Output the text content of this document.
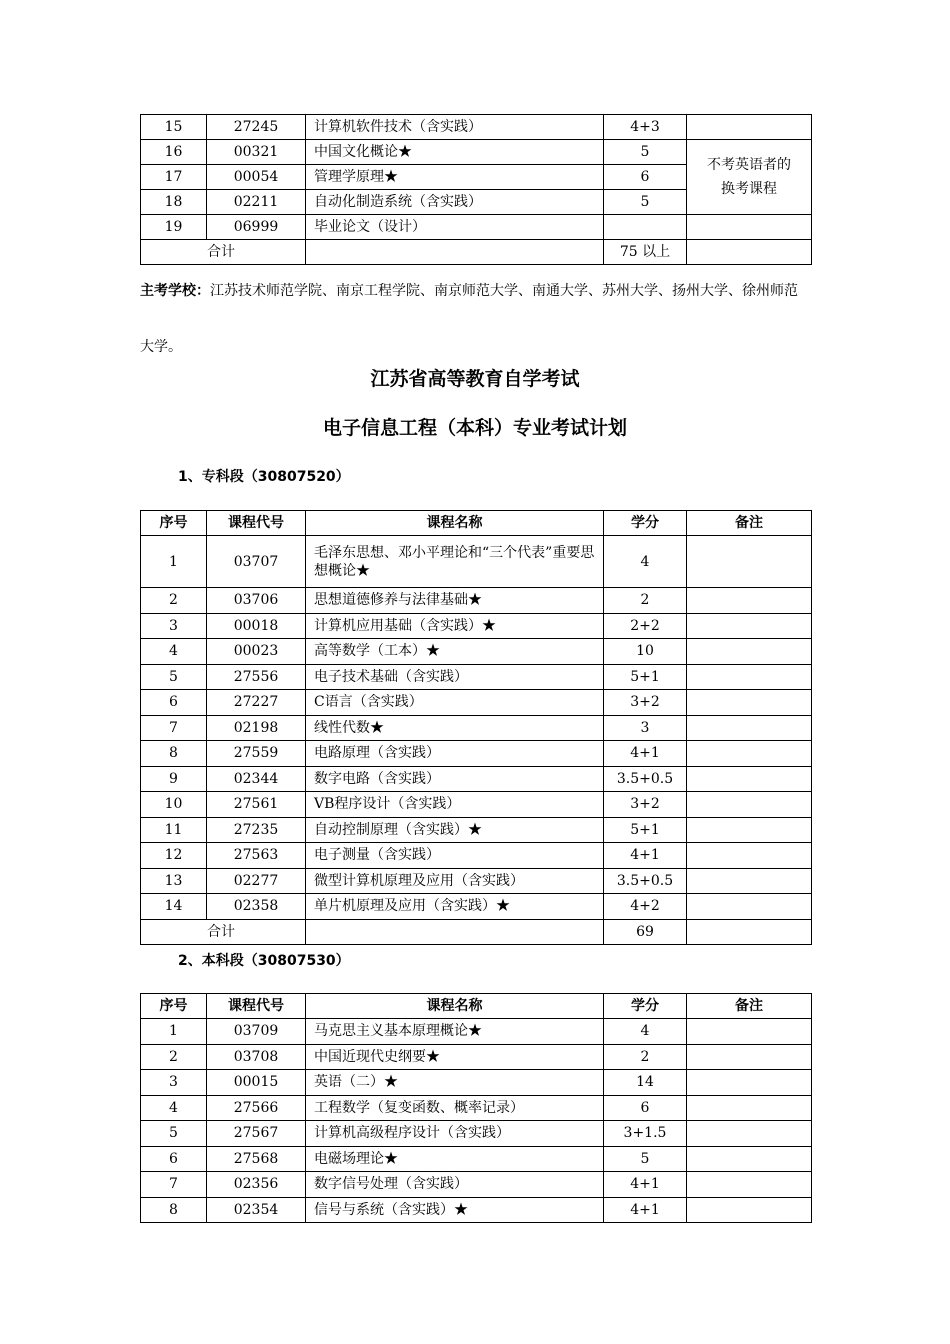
15	27245	计算机软件技术（含实践）	4+3	
16	00321	中国文化概论★	5	不考英语者的
换考课程

17	00054	管理学原理★	6	
18	02211	自动化制造系统（含实践）	5	
19	06999	毕业论文（设计）		
合计			75 以上	
主考学校：江苏技术师范学院、南京工程学院、南京师范大学、南通大学、苏州大学、扬州大学、徐州师范大学。
江苏省高等教育自学考试
电子信息工程（本科）专业考试计划
1、专科段（30807520）
序号	课程代号	课程名称	学分	备注
1	03707	毛泽东思想、邓小平理论和“三个代表”重要思想概论★	4	
2	03706	思想道德修养与法律基础★	2	
3	00018	计算机应用基础（含实践）★	2+2	
4	00023	高等数学（工本）★	10	
5	27556	电子技术基础（含实践）	5+1	
6	27227	C语言（含实践）	3+2	
7	02198	线性代数★	3	
8	27559	电路原理（含实践）	4+1	
9	02344	数字电路（含实践）	3.5+0.5	
10	27561	VB程序设计（含实践）	3+2	
11	27235	自动控制原理（含实践）★	5+1	
12	27563	电子测量（含实践）	4+1	
13	02277	微型计算机原理及应用（含实践）	3.5+0.5	
14	02358	单片机原理及应用（含实践）★	4+2	
合计			69	
2、本科段（30807530）
序号	课程代号	课程名称	学分	备注
1	03709	马克思主义基本原理概论★	4	
2	03708	中国近现代史纲要★	2	
3	00015	英语（二）★	14	
4	27566	工程数学（复变函数、概率记录）	6	
5	27567	计算机高级程序设计（含实践）	3+1.5	
6	27568	电磁场理论★	5	
7	02356	数字信号处理（含实践）	4+1	
8	02354	信号与系统（含实践）★	4+1	
